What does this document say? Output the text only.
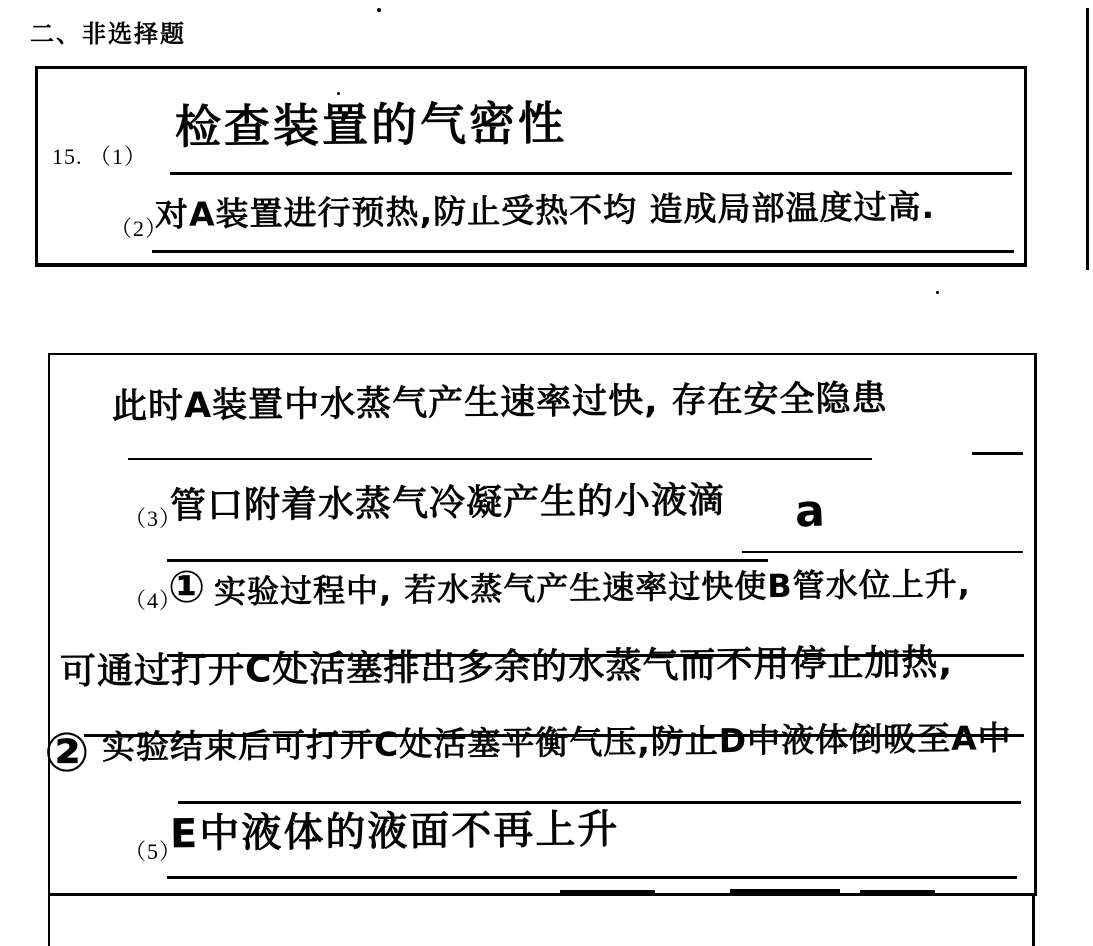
二、非选择题
15. （1）
检查装置的气密性
（2）
对A装置进行预热,防止受热不均 造成局部温度过高.
此时A装置中水蒸气产生速率过快, 存在安全隐患
（3）
管口附着水蒸气冷凝产生的小液滴 a
（4）
① 实验过程中, 若水蒸气产生速率过快使B管水位上升,
可通过打开C处活塞排出多余的水蒸气而不用停止加热,
② 实验结束后可打开C处活塞平衡气压,防止D中液体倒吸至A中
（5）
E中液体的液面不再上升
